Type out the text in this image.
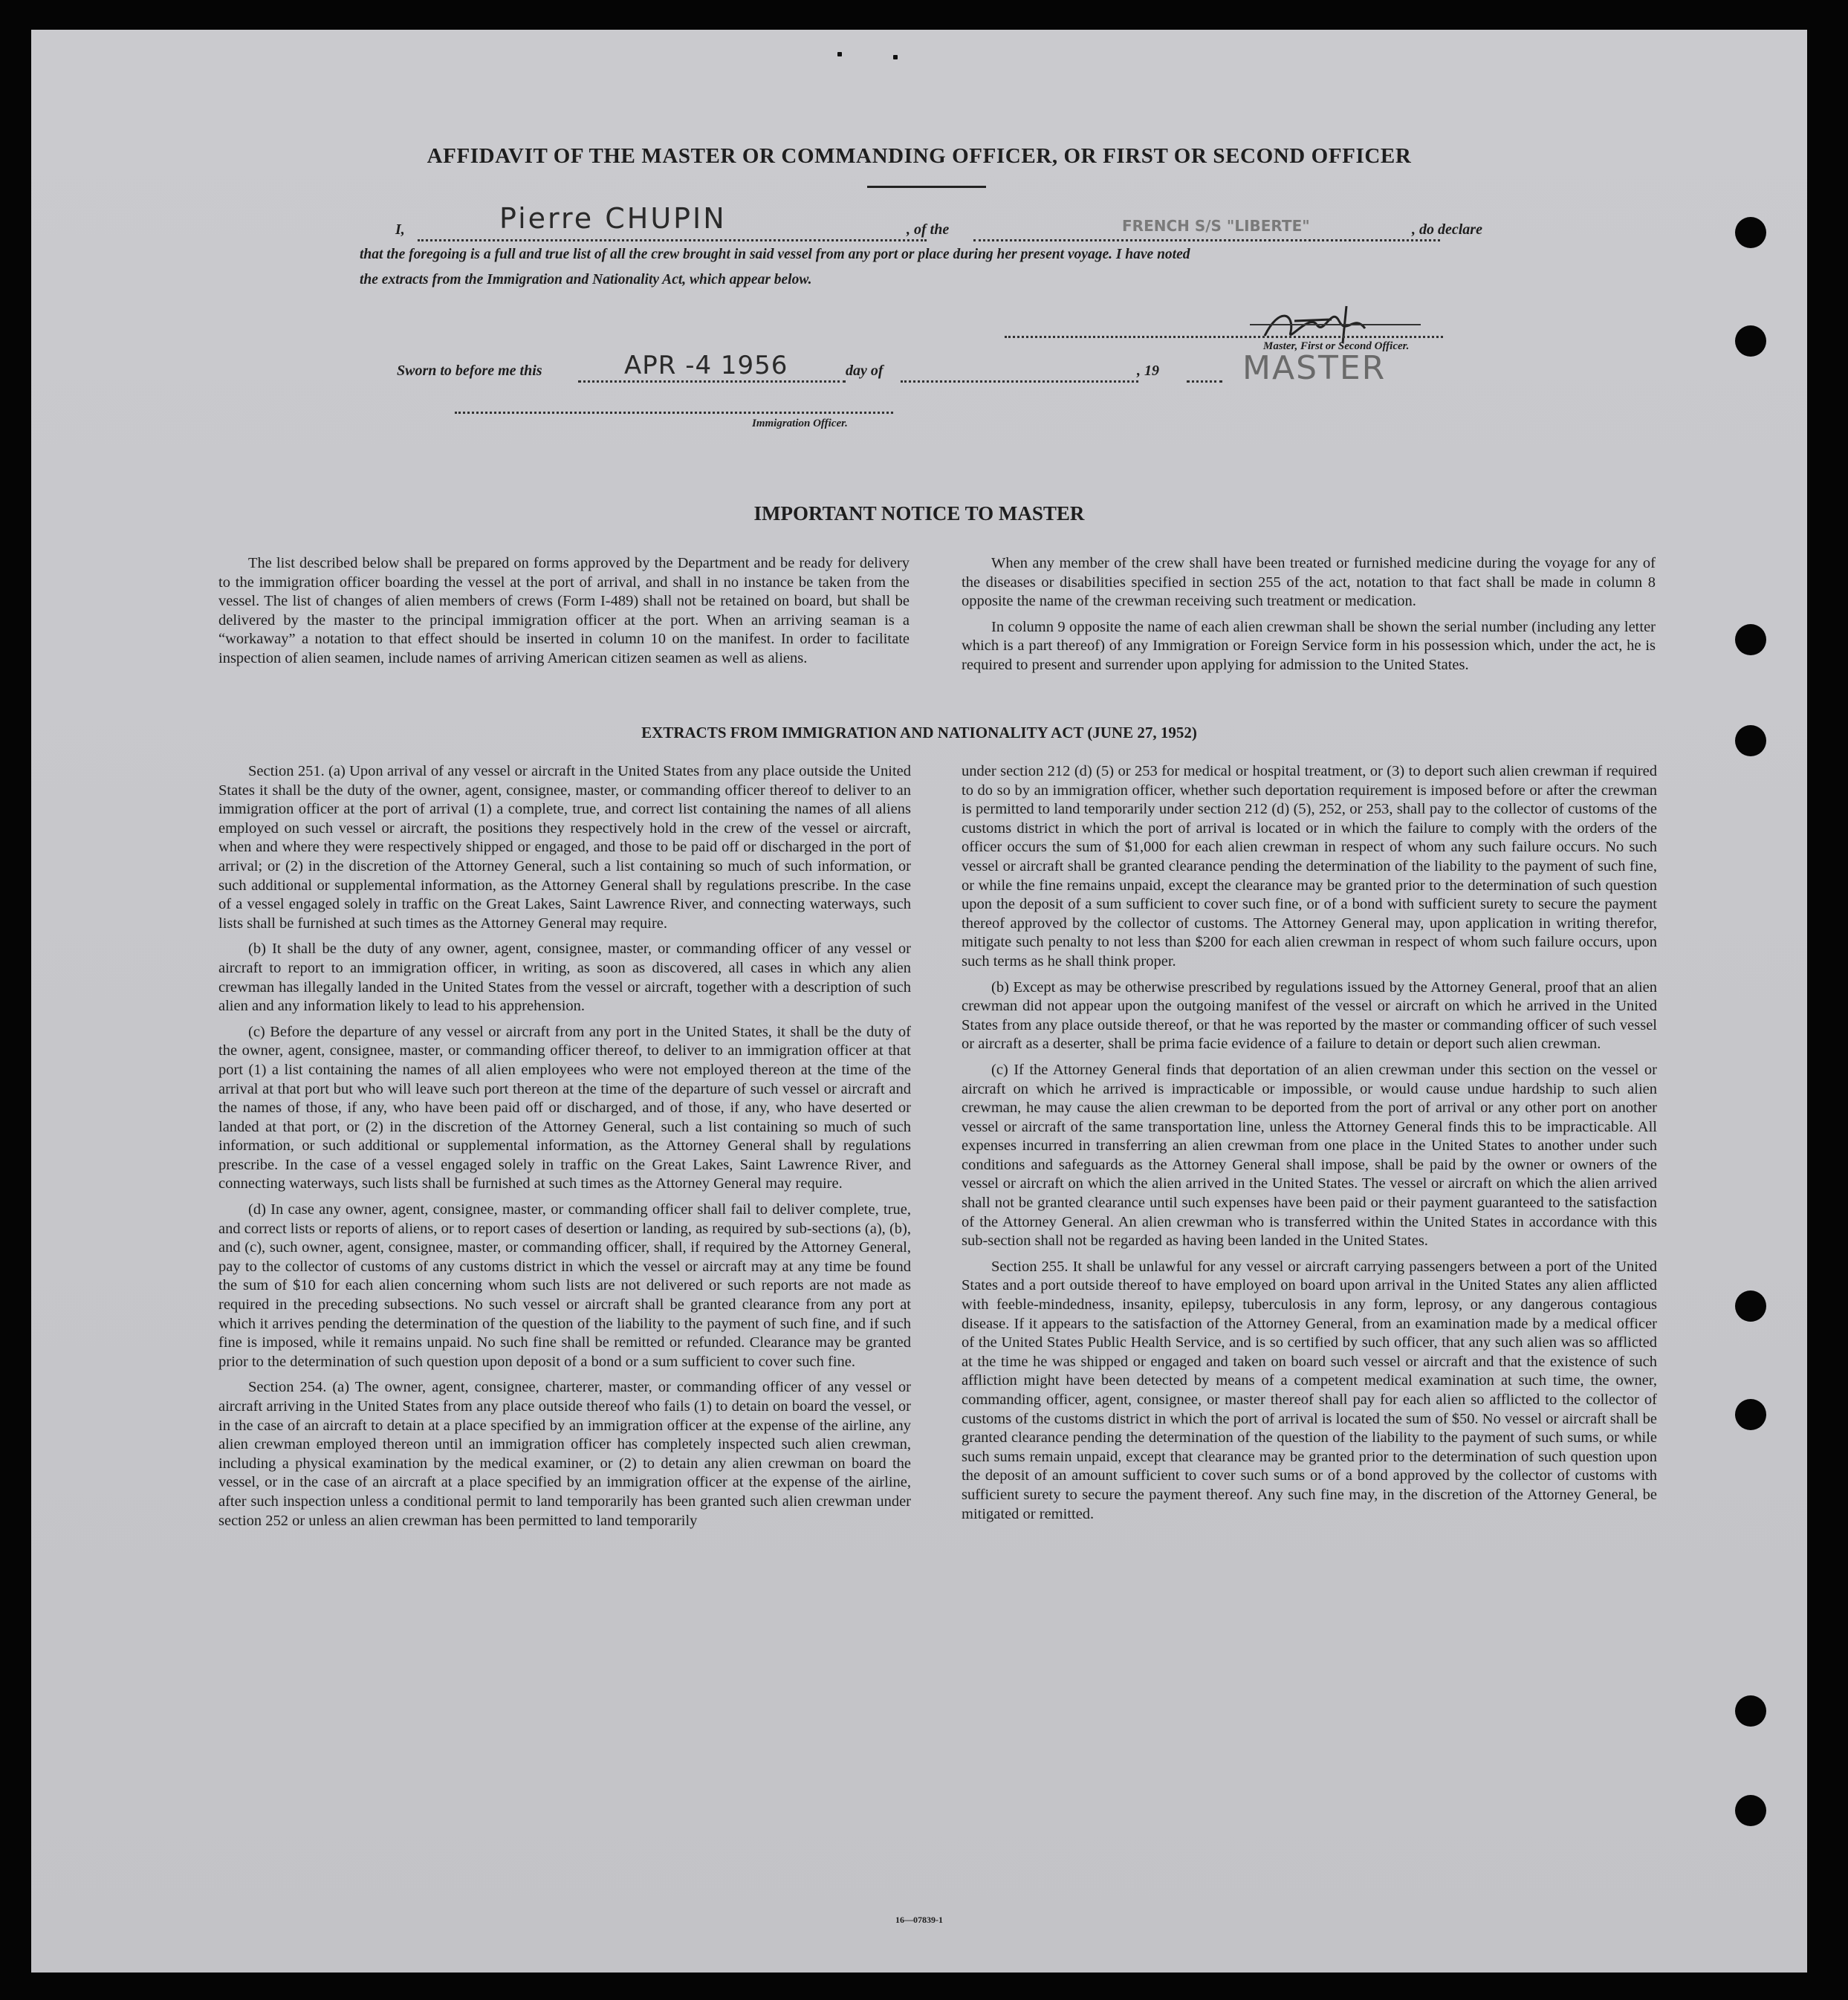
AFFIDAVIT OF THE MASTER OR COMMANDING OFFICER, OR FIRST OR SECOND OFFICER
I,	Pierre CHUPIN	, of the	FRENCH S/S "LIBERTE"	, do declare
that the foregoing is a full and true list of all the crew brought in said vessel from any port or place during her present voyage. I have noted
the extracts from the Immigration and Nationality Act, which appear below.
Master, First or Second Officer.
Sworn to before me this	APR -4 1956	day of	, 19	MASTER
Immigration Officer.
IMPORTANT NOTICE TO MASTER

The list described below shall be prepared on forms approved by the Department and be ready for delivery to the immigration officer boarding the vessel at the port of arrival, and shall in no instance be taken from the vessel. The list of changes of alien members of crews (Form I-489) shall not be retained on board, but shall be delivered by the master to the principal immigration officer at the port. When an arriving seaman is a “workaway” a notation to that effect should be inserted in column 10 on the manifest. In order to facilitate inspection of alien seamen, include names of arriving American citizen seamen as well as aliens.

When any member of the crew shall have been treated or furnished medicine during the voyage for any of the diseases or disabilities specified in section 255 of the act, notation to that fact shall be made in column 8 opposite the name of the crewman receiving such treatment or medication.

In column 9 opposite the name of each alien crewman shall be shown the serial number (including any letter which is a part thereof) of any Immigration or Foreign Service form in his possession which, under the act, he is required to present and surrender upon applying for admission to the United States.

EXTRACTS FROM IMMIGRATION AND NATIONALITY ACT (JUNE 27, 1952)

Section 251. (a) Upon arrival of any vessel or aircraft in the United States from any place outside the United States it shall be the duty of the owner, agent, consignee, master, or commanding officer thereof to deliver to an immigration officer at the port of arrival (1) a complete, true, and correct list containing the names of all aliens employed on such vessel or aircraft, the positions they respectively hold in the crew of the vessel or aircraft, when and where they were respectively shipped or engaged, and those to be paid off or discharged in the port of arrival; or (2) in the discretion of the Attorney General, such a list containing so much of such information, or such additional or supplemental information, as the Attorney General shall by regulations prescribe. In the case of a vessel engaged solely in traffic on the Great Lakes, Saint Lawrence River, and connecting waterways, such lists shall be furnished at such times as the Attorney General may require.

(b) It shall be the duty of any owner, agent, consignee, master, or commanding officer of any vessel or aircraft to report to an immigration officer, in writing, as soon as discovered, all cases in which any alien crewman has illegally landed in the United States from the vessel or aircraft, together with a description of such alien and any information likely to lead to his apprehension.

(c) Before the departure of any vessel or aircraft from any port in the United States, it shall be the duty of the owner, agent, consignee, master, or commanding officer thereof, to deliver to an immigration officer at that port (1) a list containing the names of all alien employees who were not employed thereon at the time of the arrival at that port but who will leave such port thereon at the time of the departure of such vessel or aircraft and the names of those, if any, who have been paid off or discharged, and of those, if any, who have deserted or landed at that port, or (2) in the discretion of the Attorney General, such a list containing so much of such information, or such additional or supplemental information, as the Attorney General shall by regulations prescribe. In the case of a vessel engaged solely in traffic on the Great Lakes, Saint Lawrence River, and connecting waterways, such lists shall be furnished at such times as the Attorney General may require.

(d) In case any owner, agent, consignee, master, or commanding officer shall fail to deliver complete, true, and correct lists or reports of aliens, or to report cases of desertion or landing, as required by sub-sections (a), (b), and (c), such owner, agent, consignee, master, or commanding officer, shall, if required by the Attorney General, pay to the collector of customs of any customs district in which the vessel or aircraft may at any time be found the sum of $10 for each alien concerning whom such lists are not delivered or such reports are not made as required in the preceding subsections. No such vessel or aircraft shall be granted clearance from any port at which it arrives pending the determination of the question of the liability to the payment of such fine, and if such fine is imposed, while it remains unpaid. No such fine shall be remitted or refunded. Clearance may be granted prior to the determination of such question upon deposit of a bond or a sum sufficient to cover such fine.

Section 254. (a) The owner, agent, consignee, charterer, master, or commanding officer of any vessel or aircraft arriving in the United States from any place outside thereof who fails (1) to detain on board the vessel, or in the case of an aircraft to detain at a place specified by an immigration officer at the expense of the airline, any alien crewman employed thereon until an immigration officer has completely inspected such alien crewman, including a physical examination by the medical examiner, or (2) to detain any alien crewman on board the vessel, or in the case of an aircraft at a place specified by an immigration officer at the expense of the airline, after such inspection unless a conditional permit to land temporarily has been granted such alien crewman under section 252 or unless an alien crewman has been permitted to land temporarily

under section 212 (d) (5) or 253 for medical or hospital treatment, or (3) to deport such alien crewman if required to do so by an immigration officer, whether such deportation requirement is imposed before or after the crewman is permitted to land temporarily under section 212 (d) (5), 252, or 253, shall pay to the collector of customs of the customs district in which the port of arrival is located or in which the failure to comply with the orders of the officer occurs the sum of $1,000 for each alien crewman in respect of whom any such failure occurs. No such vessel or aircraft shall be granted clearance pending the determination of the liability to the payment of such fine, or while the fine remains unpaid, except the clearance may be granted prior to the determination of such question upon the deposit of a sum sufficient to cover such fine, or of a bond with sufficient surety to secure the payment thereof approved by the collector of customs. The Attorney General may, upon application in writing therefor, mitigate such penalty to not less than $200 for each alien crewman in respect of whom such failure occurs, upon such terms as he shall think proper.

(b) Except as may be otherwise prescribed by regulations issued by the Attorney General, proof that an alien crewman did not appear upon the outgoing manifest of the vessel or aircraft on which he arrived in the United States from any place outside thereof, or that he was reported by the master or commanding officer of such vessel or aircraft as a deserter, shall be prima facie evidence of a failure to detain or deport such alien crewman.

(c) If the Attorney General finds that deportation of an alien crewman under this section on the vessel or aircraft on which he arrived is impracticable or impossible, or would cause undue hardship to such alien crewman, he may cause the alien crewman to be deported from the port of arrival or any other port on another vessel or aircraft of the same transportation line, unless the Attorney General finds this to be impracticable. All expenses incurred in transferring an alien crewman from one place in the United States to another under such conditions and safeguards as the Attorney General shall impose, shall be paid by the owner or owners of the vessel or aircraft on which the alien arrived in the United States. The vessel or aircraft on which the alien arrived shall not be granted clearance until such expenses have been paid or their payment guaranteed to the satisfaction of the Attorney General. An alien crewman who is transferred within the United States in accordance with this sub-section shall not be regarded as having been landed in the United States.

Section 255. It shall be unlawful for any vessel or aircraft carrying passengers between a port of the United States and a port outside thereof to have employed on board upon arrival in the United States any alien afflicted with feeble-mindedness, insanity, epilepsy, tuberculosis in any form, leprosy, or any dangerous contagious disease. If it appears to the satisfaction of the Attorney General, from an examination made by a medical officer of the United States Public Health Service, and is so certified by such officer, that any such alien was so afflicted at the time he was shipped or engaged and taken on board such vessel or aircraft and that the existence of such affliction might have been detected by means of a competent medical examination at such time, the owner, commanding officer, agent, consignee, or master thereof shall pay for each alien so afflicted to the collector of customs of the customs district in which the port of arrival is located the sum of $50. No vessel or aircraft shall be granted clearance pending the determination of the question of the liability to the payment of such sums, or while such sums remain unpaid, except that clearance may be granted prior to the determination of such question upon the deposit of an amount sufficient to cover such sums or of a bond approved by the collector of customs with sufficient surety to secure the payment thereof. Any such fine may, in the discretion of the Attorney General, be mitigated or remitted.

16—07839-1
